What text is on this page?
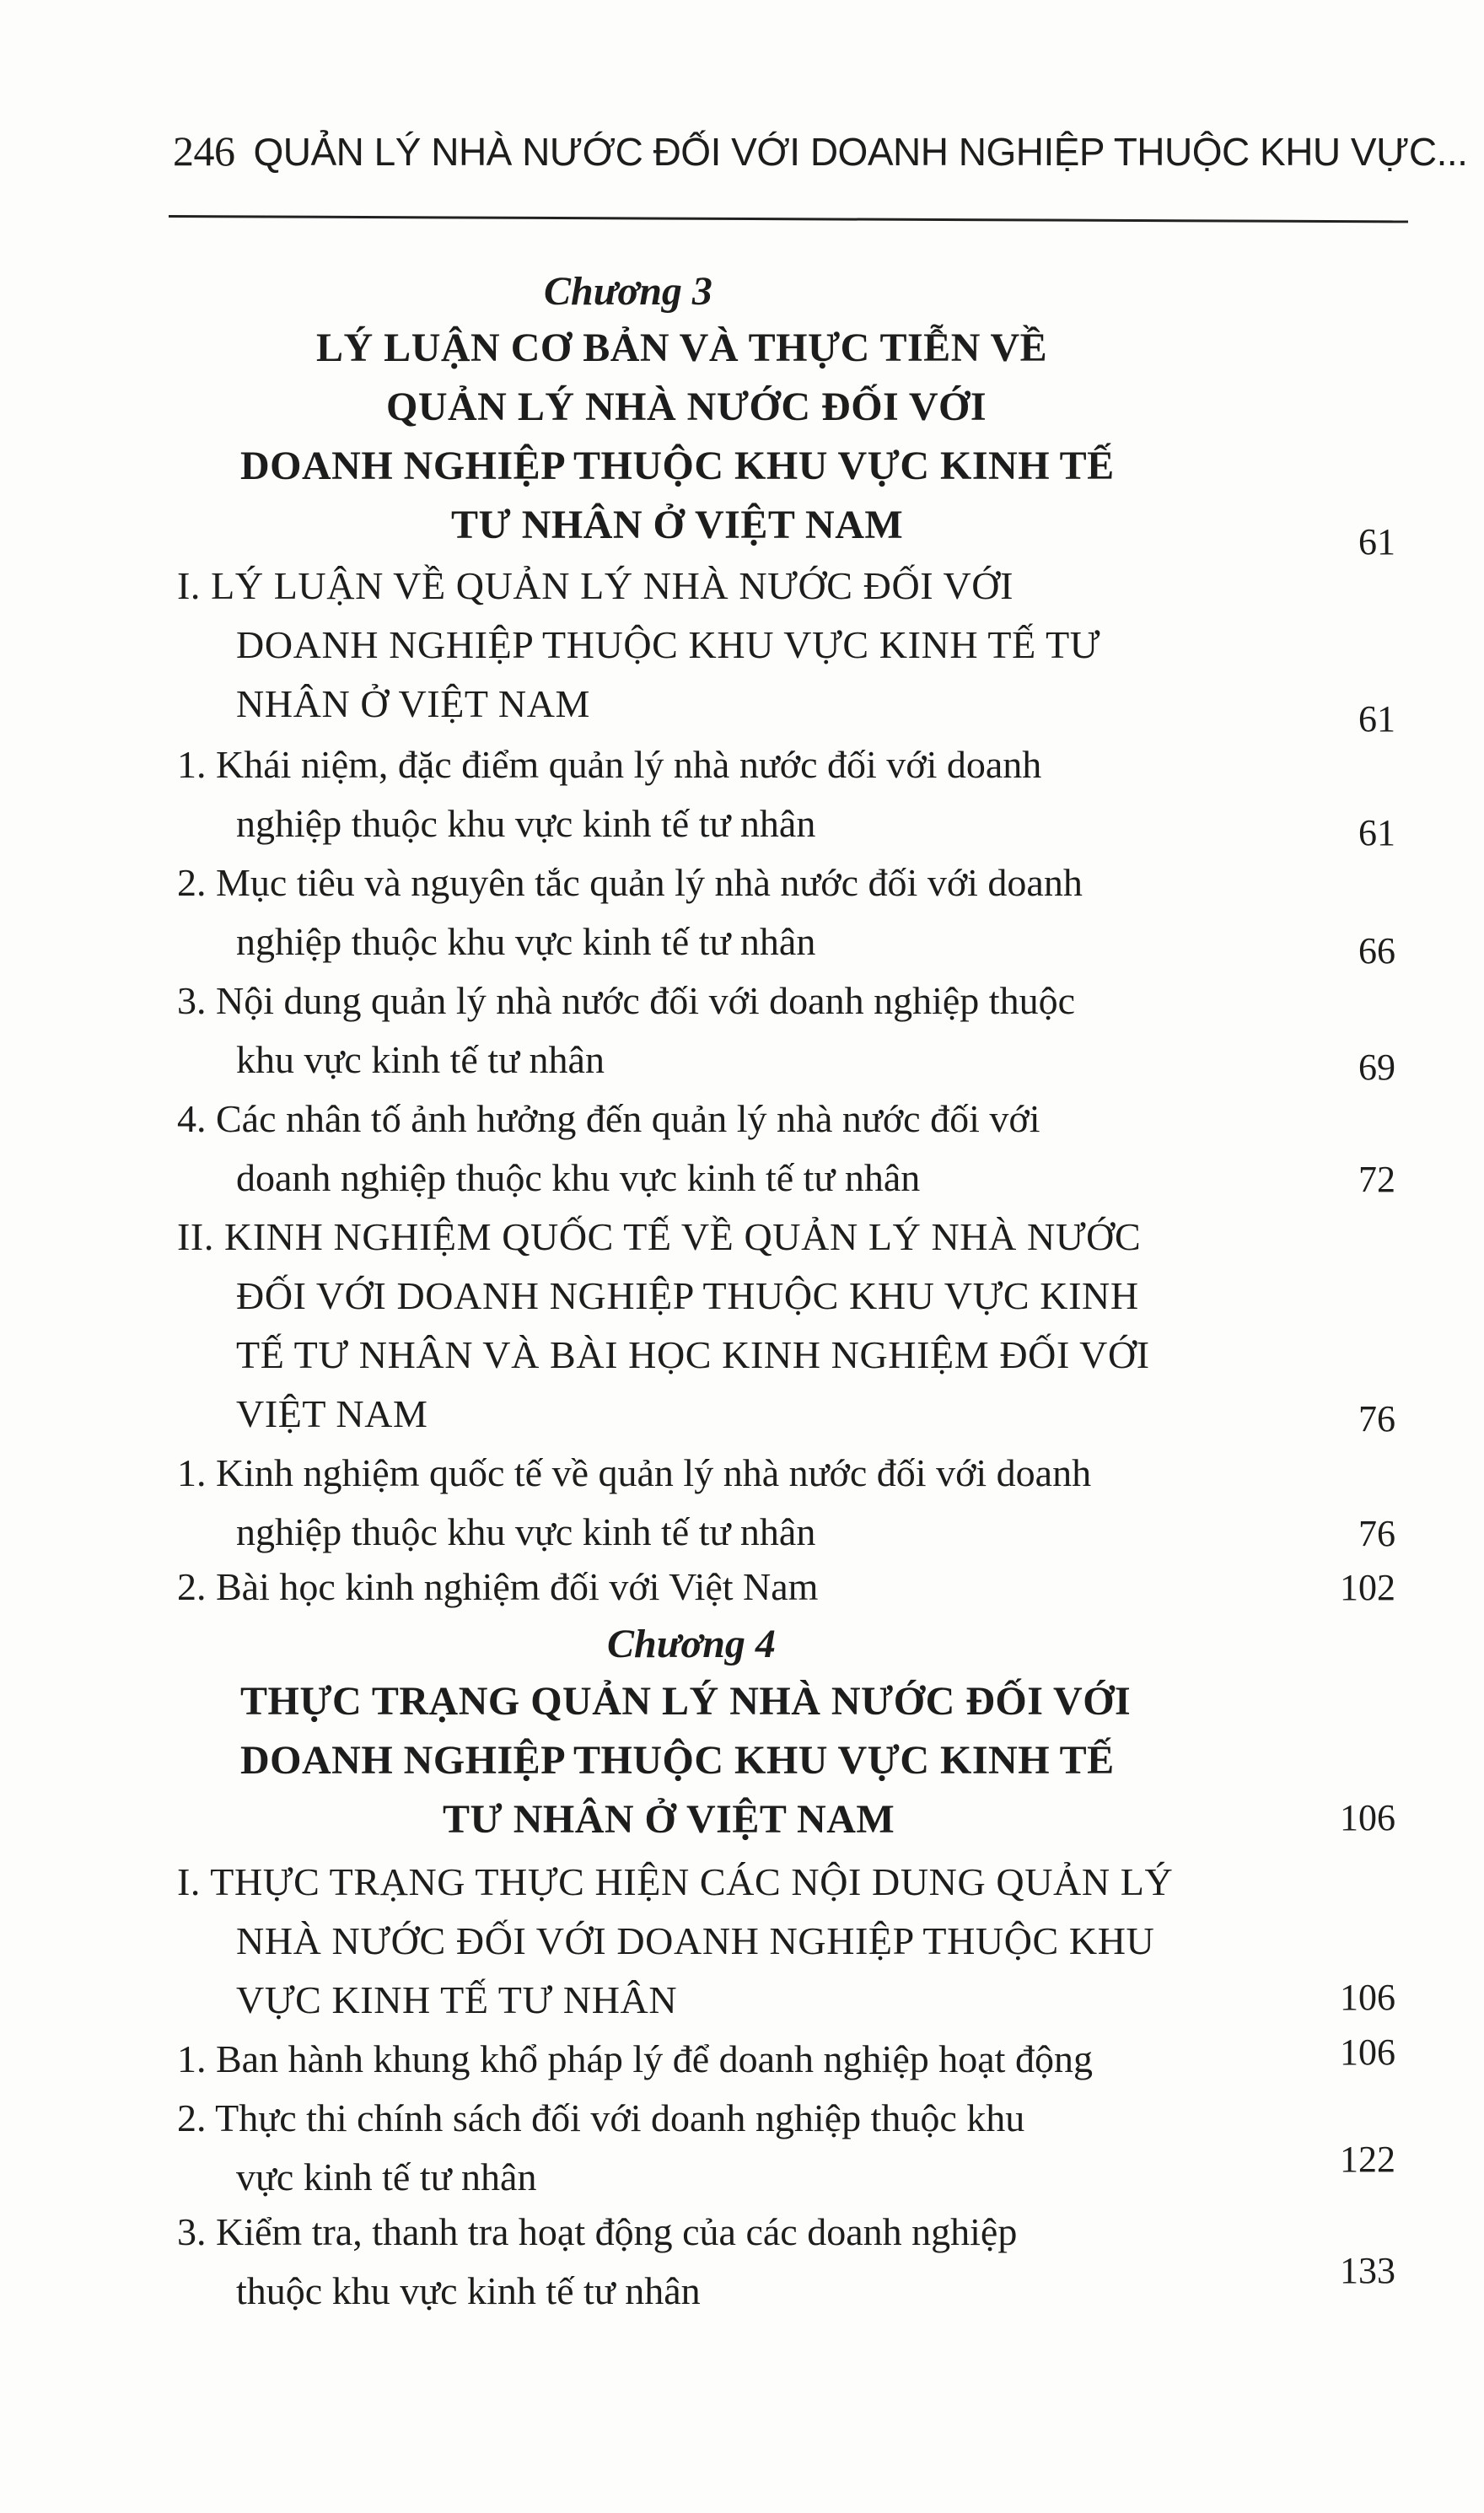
246 QUẢN LÝ NHÀ NƯỚC ĐỐI VỚI DOANH NGHIỆP THUỘC KHU VỰC...
Chương 3
LÝ LUẬN CƠ BẢN VÀ THỰC TIỄN VỀ
QUẢN LÝ NHÀ NƯỚC ĐỐI VỚI
DOANH NGHIỆP THUỘC KHU VỰC KINH TẾ
TƯ NHÂN Ở VIỆT NAM	61
I. LÝ LUẬN VỀ QUẢN LÝ NHÀ NƯỚC ĐỐI VỚI
DOANH NGHIỆP THUỘC KHU VỰC KINH TẾ TƯ
NHÂN Ở VIỆT NAM	61
1. Khái niệm, đặc điểm quản lý nhà nước đối với doanh
nghiệp thuộc khu vực kinh tế tư nhân	61
2. Mục tiêu và nguyên tắc quản lý nhà nước đối với doanh
nghiệp thuộc khu vực kinh tế tư nhân	66
3. Nội dung quản lý nhà nước đối với doanh nghiệp thuộc
khu vực kinh tế tư nhân	69
4. Các nhân tố ảnh hưởng đến quản lý nhà nước đối với
doanh nghiệp thuộc khu vực kinh tế tư nhân	72
II. KINH NGHIỆM QUỐC TẾ VỀ QUẢN LÝ NHÀ NƯỚC
ĐỐI VỚI DOANH NGHIỆP THUỘC KHU VỰC KINH
TẾ TƯ NHÂN VÀ BÀI HỌC KINH NGHIỆM ĐỐI VỚI
VIỆT NAM	76
1. Kinh nghiệm quốc tế về quản lý nhà nước đối với doanh
nghiệp thuộc khu vực kinh tế tư nhân	76
2. Bài học kinh nghiệm đối với Việt Nam	102
Chương 4
THỰC TRẠNG QUẢN LÝ NHÀ NƯỚC ĐỐI VỚI
DOANH NGHIỆP THUỘC KHU VỰC KINH TẾ
TƯ NHÂN Ở VIỆT NAM	106
I. THỰC TRẠNG THỰC HIỆN CÁC NỘI DUNG QUẢN LÝ
NHÀ NƯỚC ĐỐI VỚI DOANH NGHIỆP THUỘC KHU
VỰC KINH TẾ TƯ NHÂN	106
1. Ban hành khung khổ pháp lý để doanh nghiệp hoạt động	106
2. Thực thi chính sách đối với doanh nghiệp thuộc khu
vực kinh tế tư nhân	122
3. Kiểm tra, thanh tra hoạt động của các doanh nghiệp
thuộc khu vực kinh tế tư nhân	133
